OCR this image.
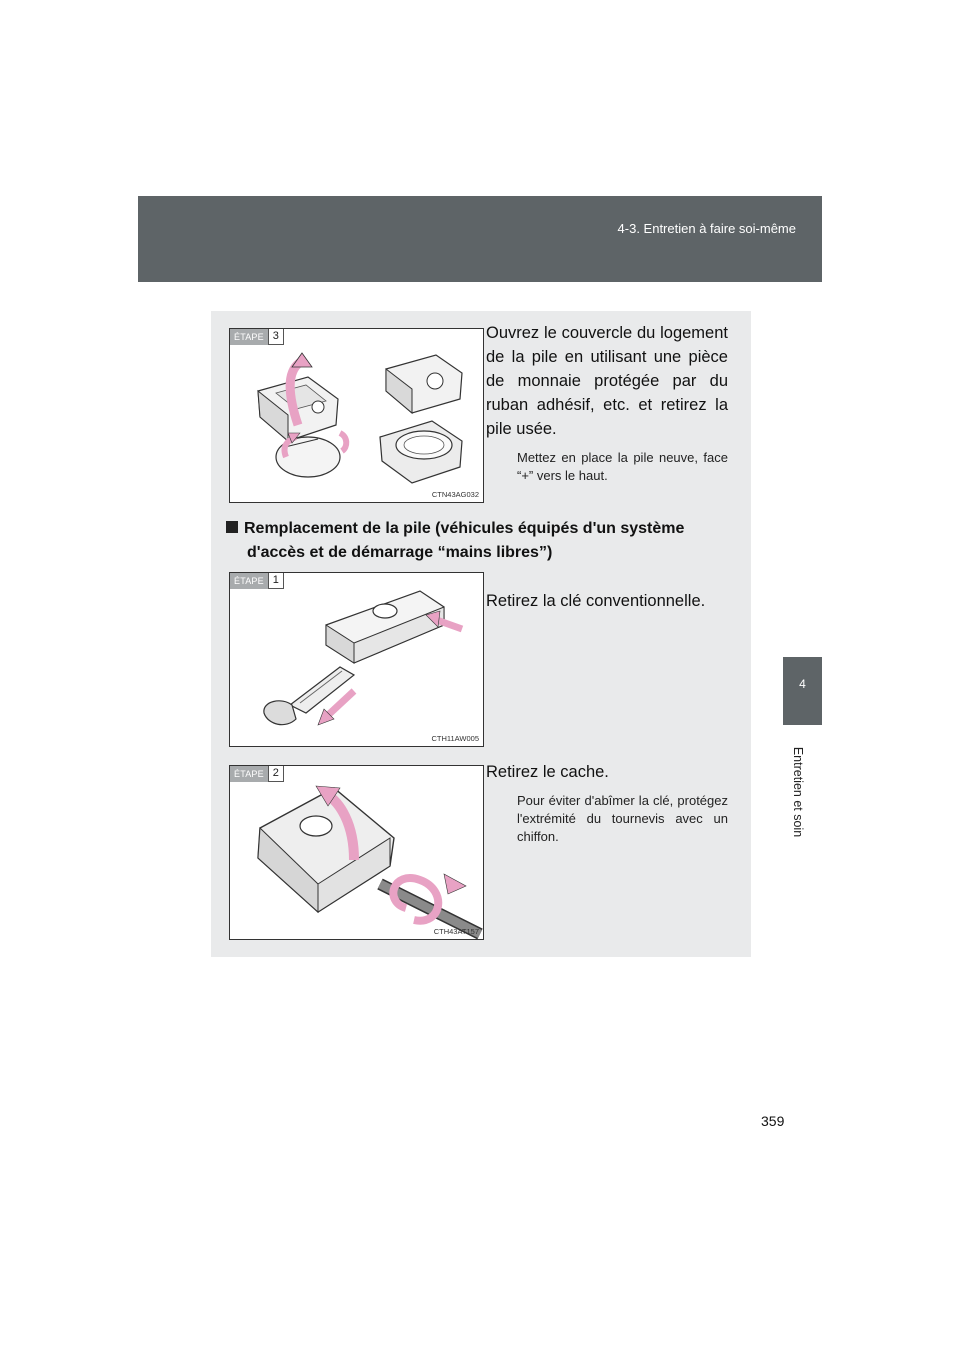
4-3. Entretien à faire soi-même
4
Entretien et soin
ÉTAPE 3
CTN43AG032
Ouvrez le couvercle du logement de la pile en utilisant une pièce de monnaie protégée par du ruban adhésif, etc. et retirez la pile usée.
Mettez en place la pile neuve, face “+” vers le haut.
Remplacement de la pile (véhicules équipés d'un système
d'accès et de démarrage “mains libres”)
ÉTAPE 1
CTH11AW005
Retirez la clé conventionnelle.
ÉTAPE 2
CTH43AT157
Retirez le cache.
Pour éviter d'abîmer la clé, protégez l'extrémité du tournevis avec un chiffon.
359
